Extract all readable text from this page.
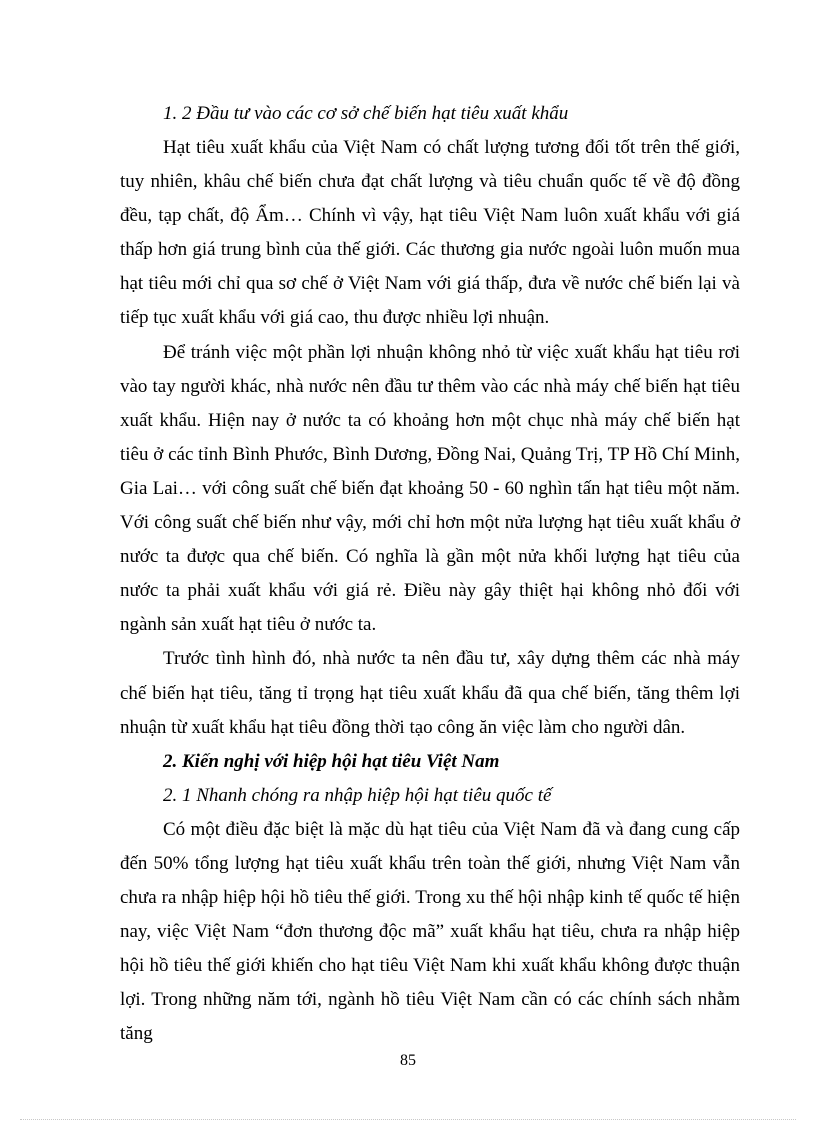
1. 2 Đầu tư vào các cơ sở chế biến hạt tiêu xuất khẩu

Hạt tiêu xuất khẩu của Việt Nam có chất lượng tương đối tốt trên thế giới, tuy nhiên, khâu chế biến chưa đạt chất lượng và tiêu chuẩn quốc tế về độ đồng đều, tạp chất, độ Ẩm… Chính vì vậy, hạt tiêu Việt Nam luôn xuất khẩu với giá thấp hơn giá trung bình của thế giới. Các thương gia nước ngoài luôn muốn mua hạt tiêu mới chỉ qua sơ chế ở Việt Nam với giá thấp, đưa về nước chế biến lại và tiếp tục xuất khẩu với giá cao, thu được nhiều lợi nhuận.

Để tránh việc một phần lợi nhuận không nhỏ từ việc xuất khẩu hạt tiêu rơi vào tay người khác, nhà nước nên đầu tư thêm vào các nhà máy chế biến hạt tiêu xuất khẩu. Hiện nay ở nước ta có khoảng hơn một chục nhà máy chế biến hạt tiêu ở các tỉnh Bình Phước, Bình Dương, Đồng Nai, Quảng Trị, TP Hồ Chí Minh, Gia Lai… với công suất chế biến đạt khoảng 50 - 60 nghìn tấn hạt tiêu một năm. Với công suất chế biến như vậy, mới chỉ hơn một nửa lượng hạt tiêu xuất khẩu ở nước ta được qua chế biến. Có nghĩa là gần một nửa khối lượng hạt tiêu của nước ta phải xuất khẩu với giá rẻ. Điều này gây thiệt hại không nhỏ đối với ngành sản xuất hạt tiêu ở nước ta.

Trước tình hình đó, nhà nước ta nên đầu tư, xây dựng thêm các nhà máy chế biến hạt tiêu, tăng tỉ trọng hạt tiêu xuất khẩu đã qua chế biến, tăng thêm lợi nhuận từ xuất khẩu hạt tiêu đồng thời tạo công ăn việc làm cho người dân.

2. Kiến nghị với hiệp hội hạt tiêu Việt Nam

2. 1 Nhanh chóng ra nhập hiệp hội hạt tiêu quốc tế

Có một điều đặc biệt là mặc dù hạt tiêu của Việt Nam đã và đang cung cấp đến 50% tổng lượng hạt tiêu xuất khẩu trên toàn thế giới, nhưng Việt Nam vẫn chưa ra nhập hiệp hội hồ tiêu thế giới. Trong xu thế hội nhập kinh tế quốc tế hiện nay, việc Việt Nam “đơn thương độc mã” xuất khẩu hạt tiêu, chưa ra nhập hiệp hội hồ tiêu thế giới khiến cho hạt tiêu Việt Nam khi xuất khẩu không được thuận lợi. Trong những năm tới, ngành hồ tiêu Việt Nam cần có các chính sách nhằm tăng

85
